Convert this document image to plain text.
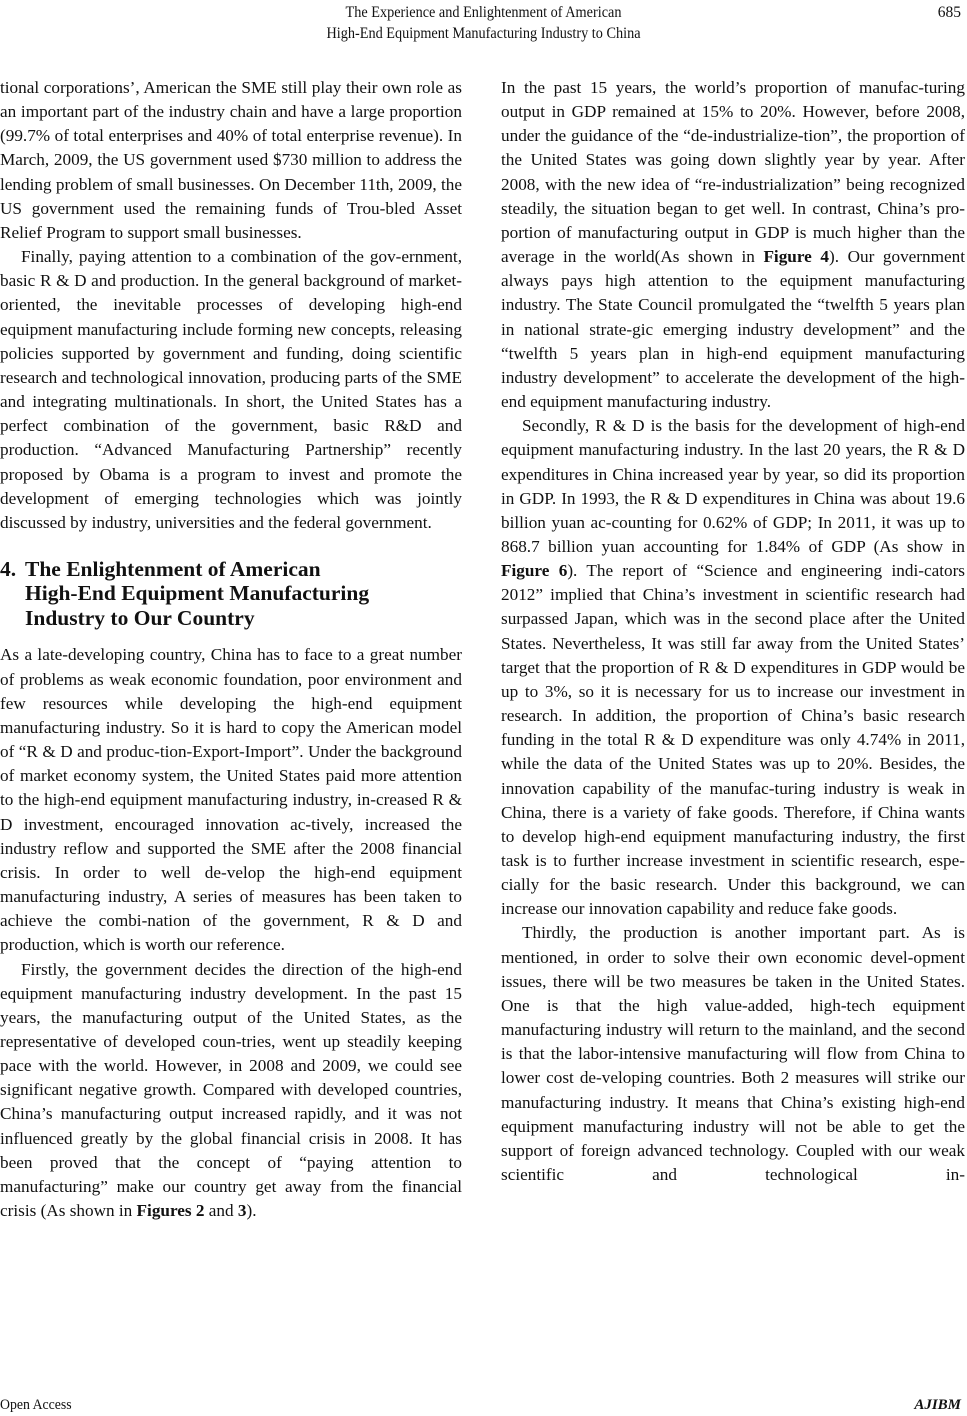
The Experience and Enlightenment of American
High-End Equipment Manufacturing Industry to China
685

tional corporations’, American the SME still play their own role as an important part of the industry chain and have a large proportion (99.7% of total enterprises and 40% of total enterprise revenue). In March, 2009, the US government used $730 million to address the lending problem of small businesses. On December 11th, 2009, the US government used the remaining funds of Trou-bled Asset Relief Program to support small businesses.

Finally, paying attention to a combination of the gov-ernment, basic R & D and production. In the general background of market-oriented, the inevitable processes of developing high-end equipment manufacturing include forming new concepts, releasing policies supported by government and funding, doing scientific research and technological innovation, producing parts of the SME and integrating multinationals. In short, the United States has a perfect combination of the government, basic R&D and production. “Advanced Manufacturing Partnership” recently proposed by Obama is a program to invest and promote the development of emerging technologies which was jointly discussed by industry, universities and the federal government.

4. The Enlightenment of American
High-End Equipment Manufacturing
Industry to Our Country

As a late-developing country, China has to face to a great number of problems as weak economic foundation, poor environment and few resources while developing the high-end equipment manufacturing industry. So it is hard to copy the American model of “R & D and produc-tion-Export-Import”. Under the background of market economy system, the United States paid more attention to the high-end equipment manufacturing industry, in-creased R & D investment, encouraged innovation ac-tively, increased the industry reflow and supported the SME after the 2008 financial crisis. In order to well de-velop the high-end equipment manufacturing industry, A series of measures has been taken to achieve the combi-nation of the government, R & D and production, which is worth our reference.

Firstly, the government decides the direction of the high-end equipment manufacturing industry development. In the past 15 years, the manufacturing output of the United States, as the representative of developed coun-tries, went up steadily keeping pace with the world. However, in 2008 and 2009, we could see significant negative growth. Compared with developed countries, China’s manufacturing output increased rapidly, and it was not influenced greatly by the global financial crisis in 2008. It has been proved that the concept of “paying attention to manufacturing” make our country get away from the financial crisis (As shown in Figures 2 and 3).

In the past 15 years, the world’s proportion of manufac-turing output in GDP remained at 15% to 20%. However, before 2008, under the guidance of the “de-industrialize-tion”, the proportion of the United States was going down slightly year by year. After 2008, with the new idea of “re-industrialization” being recognized steadily, the situation began to get well. In contrast, China’s pro-portion of manufacturing output in GDP is much higher than the average in the world(As shown in Figure 4). Our government always pays high attention to the equipment manufacturing industry. The State Council promulgated the “twelfth 5 years plan in national strate-gic emerging industry development” and the “twelfth 5 years plan in high-end equipment manufacturing industry development” to accelerate the development of the high-end equipment manufacturing industry.

Secondly, R & D is the basis for the development of high-end equipment manufacturing industry. In the last 20 years, the R & D expenditures in China increased year by year, so did its proportion in GDP. In 1993, the R & D expenditures in China was about 19.6 billion yuan ac-counting for 0.62% of GDP; In 2011, it was up to 868.7 billion yuan accounting for 1.84% of GDP (As show in Figure 6). The report of “Science and engineering indi-cators 2012” implied that China’s investment in scientific research had surpassed Japan, which was in the second place after the United States. Nevertheless, It was still far away from the United States’ target that the proportion of R & D expenditures in GDP would be up to 3%, so it is necessary for us to increase our investment in research. In addition, the proportion of China’s basic research funding in the total R & D expenditure was only 4.74% in 2011, while the data of the United States was up to 20%. Besides, the innovation capability of the manufac-turing industry is weak in China, there is a variety of fake goods. Therefore, if China wants to develop high-end equipment manufacturing industry, the first task is to further increase investment in scientific research, espe-cially for the basic research. Under this background, we can increase our innovation capability and reduce fake goods.

Thirdly, the production is another important part. As is mentioned, in order to solve their own economic devel-opment issues, there will be two measures be taken in the United States. One is that the high value-added, high-tech equipment manufacturing industry will return to the mainland, and the second is that the labor-intensive manufacturing will flow from China to lower cost de-veloping countries. Both 2 measures will strike our manufacturing industry. It means that China’s existing high-end equipment manufacturing industry will not be able to get the support of foreign advanced technology. Coupled with our weak scientific and technological in-

Open Access	AJIBM
